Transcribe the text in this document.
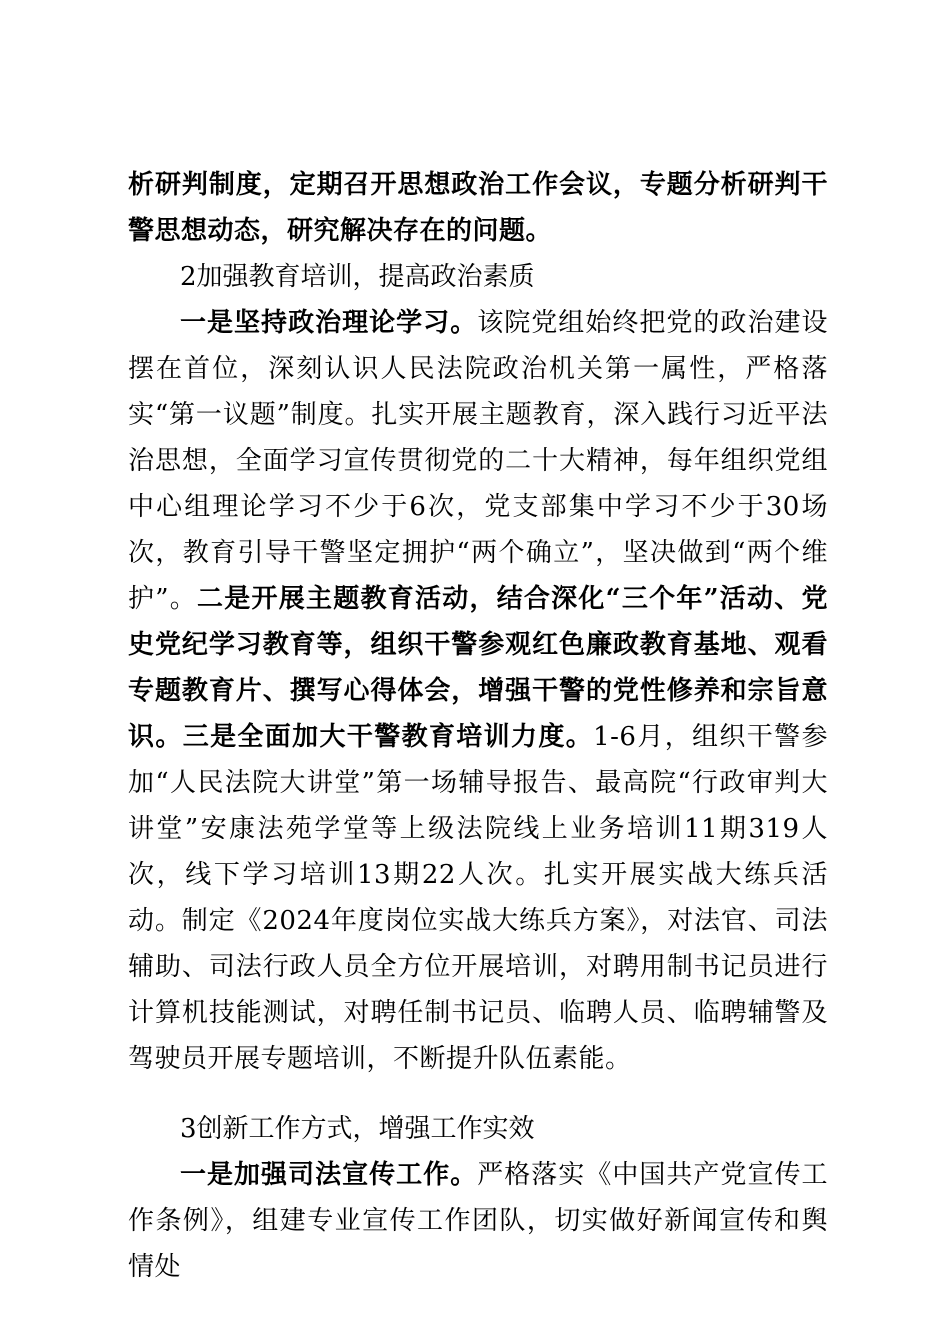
析研判制度，定期召开思想政治工作会议，专题分析研判干警思想动态，研究解决存在的问题。

2加强教育培训，提高政治素质

一是坚持政治理论学习。该院党组始终把党的政治建设摆在首位，深刻认识人民法院政治机关第一属性，严格落实“第一议题”制度。扎实开展主题教育，深入践行习近平法治思想，全面学习宣传贯彻党的二十大精神，每年组织党组中心组理论学习不少于6次，党支部集中学习不少于30场次，教育引导干警坚定拥护“两个确立”，坚决做到“两个维护”。二是开展主题教育活动，结合深化“三个年”活动、党史党纪学习教育等，组织干警参观红色廉政教育基地、观看专题教育片、撰写心得体会，增强干警的党性修养和宗旨意识。三是全面加大干警教育培训力度。1-6月，组织干警参加“人民法院大讲堂”第一场辅导报告、最高院“行政审判大讲堂”安康法苑学堂等上级法院线上业务培训11期319人次，线下学习培训13期22人次。扎实开展实战大练兵活动。制定《2024年度岗位实战大练兵方案》，对法官、司法辅助、司法行政人员全方位开展培训，对聘用制书记员进行计算机技能测试，对聘任制书记员、临聘人员、临聘辅警及驾驶员开展专题培训，不断提升队伍素能。

3创新工作方式，增强工作实效

一是加强司法宣传工作。严格落实《中国共产党宣传工作条例》，组建专业宣传工作团队，切实做好新闻宣传和舆情处
